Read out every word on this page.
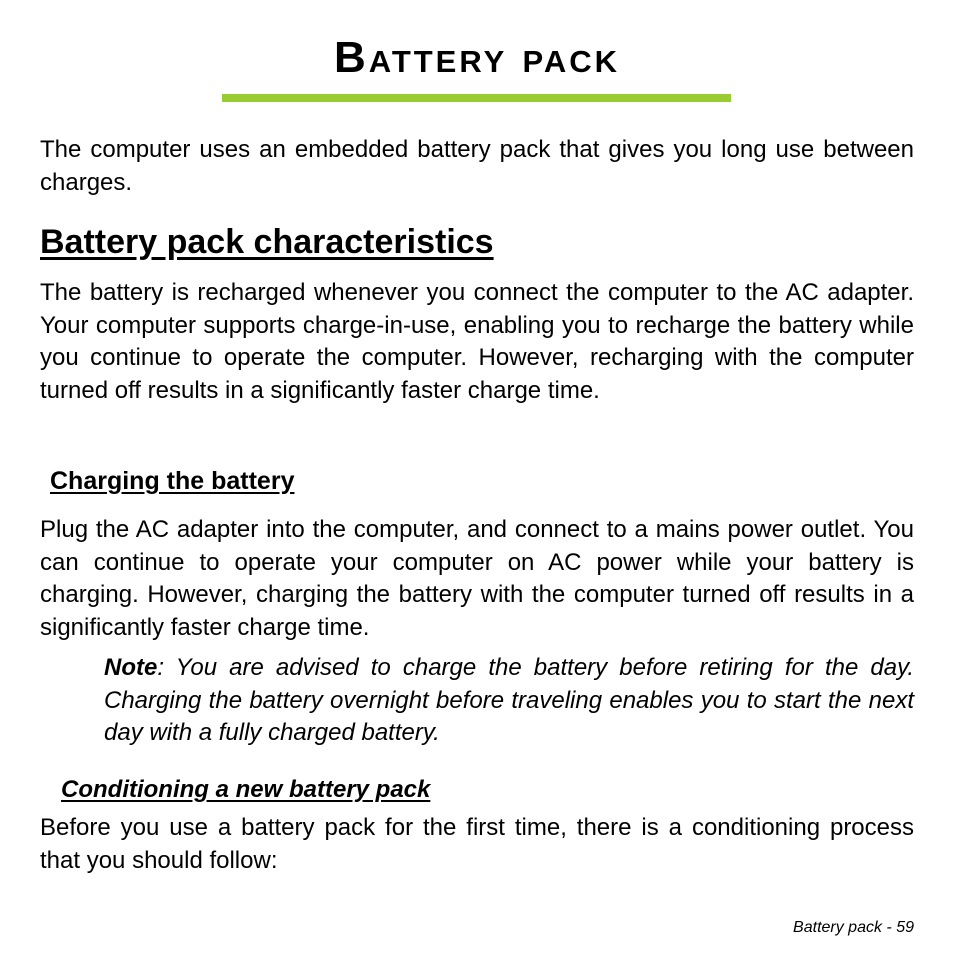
Battery pack

The computer uses an embedded battery pack that gives you long use between charges.

Battery pack characteristics

The battery is recharged whenever you connect the computer to the AC adapter. Your computer supports charge-in-use, enabling you to recharge the battery while you continue to operate the computer. However, recharging with the computer turned off results in a significantly faster charge time.

Charging the battery

Plug the AC adapter into the computer, and connect to a mains power outlet. You can continue to operate your computer on AC power while your battery is charging. However, charging the battery with the computer turned off results in a significantly faster charge time.

Note: You are advised to charge the battery before retiring for the day. Charging the battery overnight before traveling enables you to start the next day with a fully charged battery.

Conditioning a new battery pack

Before you use a battery pack for the first time, there is a conditioning process that you should follow:

Battery pack - 59
